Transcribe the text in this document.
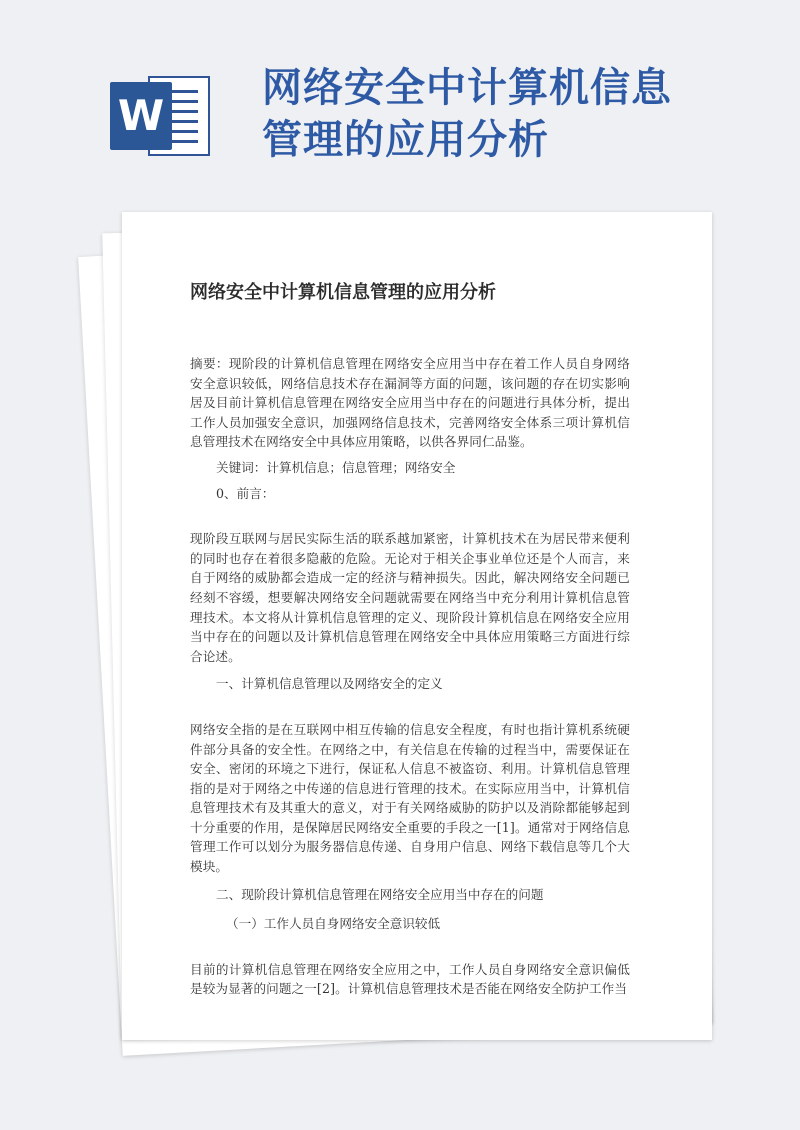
W
网络安全中计算机信息
管理的应用分析
网络安全中计算机信息管理的应用分析

摘要：现阶段的计算机信息管理在网络安全应用当中存在着工作人员自身网络安全意识较低，网络信息技术存在漏洞等方面的问题，该问题的存在切实影响居及目前计算机信息管理在网络安全应用当中存在的问题进行具体分析，提出工作人员加强安全意识，加强网络信息技术，完善网络安全体系三项计算机信息管理技术在网络安全中具体应用策略，以供各界同仁品鉴。

关键词：计算机信息；信息管理；网络安全

0、前言：

现阶段互联网与居民实际生活的联系越加紧密，计算机技术在为居民带来便利的同时也存在着很多隐蔽的危险。无论对于相关企事业单位还是个人而言，来自于网络的威胁都会造成一定的经济与精神损失。因此，解决网络安全问题已经刻不容缓，想要解决网络安全问题就需要在网络当中充分利用计算机信息管理技术。本文将从计算机信息管理的定义、现阶段计算机信息在网络安全应用当中存在的问题以及计算机信息管理在网络安全中具体应用策略三方面进行综合论述。

一、计算机信息管理以及网络安全的定义

网络安全指的是在互联网中相互传输的信息安全程度，有时也指计算机系统硬件部分具备的安全性。在网络之中，有关信息在传输的过程当中，需要保证在安全、密闭的环境之下进行，保证私人信息不被盗窃、利用。计算机信息管理指的是对于网络之中传递的信息进行管理的技术。在实际应用当中，计算机信息管理技术有及其重大的意义，对于有关网络威胁的防护以及消除都能够起到十分重要的作用，是保障居民网络安全重要的手段之一[1]。通常对于网络信息管理工作可以划分为服务器信息传递、自身用户信息、网络下载信息等几个大模块。

二、现阶段计算机信息管理在网络安全应用当中存在的问题

（一）工作人员自身网络安全意识较低

目前的计算机信息管理在网络安全应用之中，工作人员自身网络安全意识偏低是较为显著的问题之一[2]。计算机信息管理技术是否能在网络安全防护工作当
